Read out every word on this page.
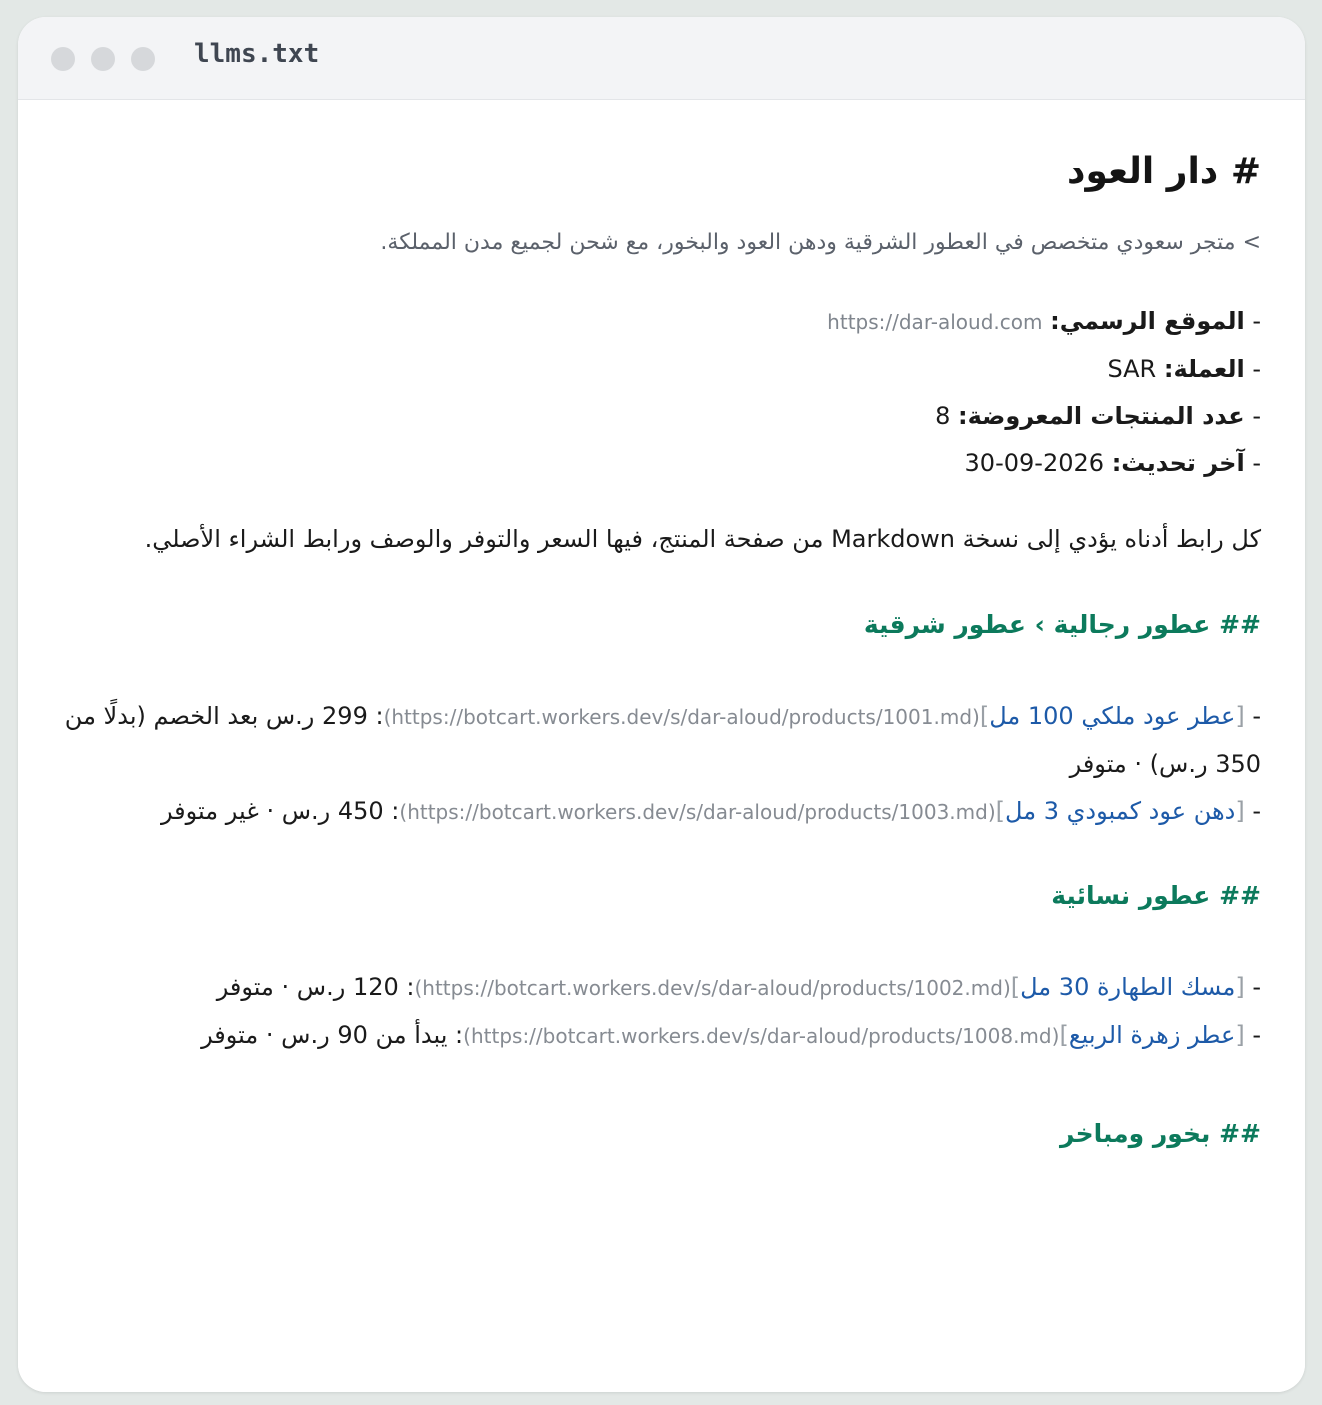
llms.txt
# دار العود
> متجر سعودي متخصص في العطور الشرقية ودهن العود والبخور، مع شحن لجميع مدن المملكة.
- الموقع الرسمي: https://dar-aloud.com
- العملة: SAR
- عدد المنتجات المعروضة: 8
- آخر تحديث: 2026-09-30
كل رابط أدناه يؤدي إلى نسخة Markdown من صفحة المنتج، فيها السعر والتوفر والوصف ورابط الشراء الأصلي.
## عطور رجالية › عطور شرقية
- [عطر عود ملكي 100 مل](https://botcart.workers.dev/s/dar-aloud/products/1001.md): 299 ر.س بعد الخصم (بدلًا من 350 ر.س) · متوفر
- [دهن عود كمبودي 3 مل](https://botcart.workers.dev/s/dar-aloud/products/1003.md): 450 ر.س · غير متوفر
## عطور نسائية
- [مسك الطهارة 30 مل](https://botcart.workers.dev/s/dar-aloud/products/1002.md): 120 ر.س · متوفر
- [عطر زهرة الربيع](https://botcart.workers.dev/s/dar-aloud/products/1008.md): يبدأ من 90 ر.س · متوفر
## بخور ومباخر
